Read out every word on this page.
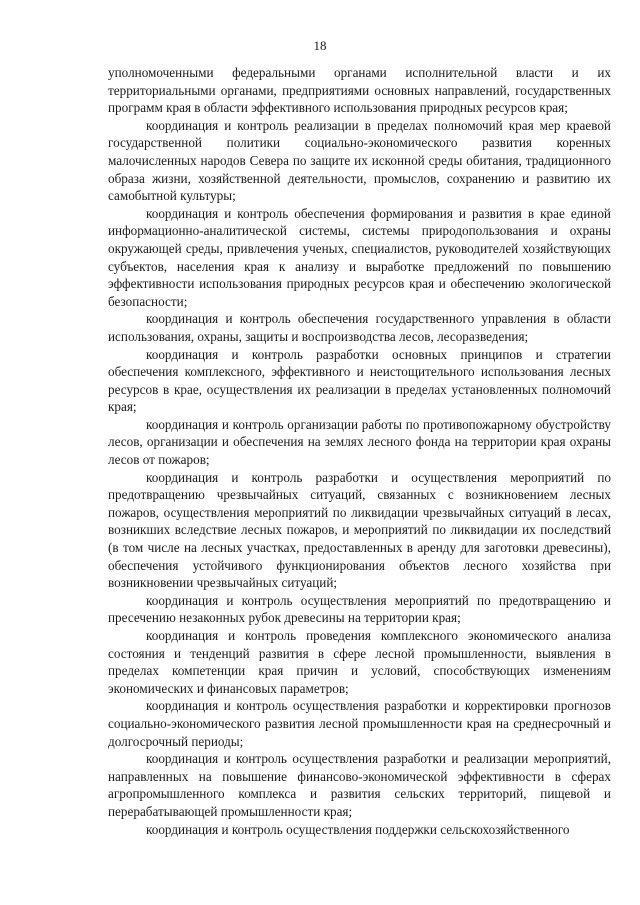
18

уполномоченными федеральными органами исполнительной власти и их территориальными органами, предприятиями основных направлений, государственных программ края в области эффективного использования природных ресурсов края;

координация и контроль реализации в пределах полномочий края мер краевой государственной политики социально-экономического развития коренных малочисленных народов Севера по защите их исконной среды обитания, традиционного образа жизни, хозяйственной деятельности, промыслов, сохранению и развитию их самобытной культуры;

координация и контроль обеспечения формирования и развития в крае единой информационно-аналитической системы, системы природопользования и охраны окружающей среды, привлечения ученых, специалистов, руководителей хозяйствующих субъектов, населения края к анализу и выработке предложений по повышению эффективности использования природных ресурсов края и обеспечению экологической безопасности;

координация и контроль обеспечения государственного управления в области использования, охраны, защиты и воспроизводства лесов, лесоразведения;

координация и контроль разработки основных принципов и стратегии обеспечения комплексного, эффективного и неистощительного использования лесных ресурсов в крае, осуществления их реализации в пределах установленных полномочий края;

координация и контроль организации работы по противопожарному обустройству лесов, организации и обеспечения на землях лесного фонда на территории края охраны лесов от пожаров;

координация и контроль разработки и осуществления мероприятий по предотвращению чрезвычайных ситуаций, связанных с возникновением лесных пожаров, осуществления мероприятий по ликвидации чрезвычайных ситуаций в лесах, возникших вследствие лесных пожаров, и мероприятий по ликвидации их последствий (в том числе на лесных участках, предоставленных в аренду для заготовки древесины), обеспечения устойчивого функционирования объектов лесного хозяйства при возникновении чрезвычайных ситуаций;

координация и контроль осуществления мероприятий по предотвращению и пресечению незаконных рубок древесины на территории края;

координация и контроль проведения комплексного экономического анализа состояния и тенденций развития в сфере лесной промышленности, выявления в пределах компетенции края причин и условий, способствующих изменениям экономических и финансовых параметров;

координация и контроль осуществления разработки и корректировки прогнозов социально-экономического развития лесной промышленности края на среднесрочный и долгосрочный периоды;

координация и контроль осуществления разработки и реализации мероприятий, направленных на повышение финансово-экономической эффективности в сферах агропромышленного комплекса и развития сельских территорий, пищевой и перерабатывающей промышленности края;

координация и контроль осуществления поддержки сельскохозяйственного
